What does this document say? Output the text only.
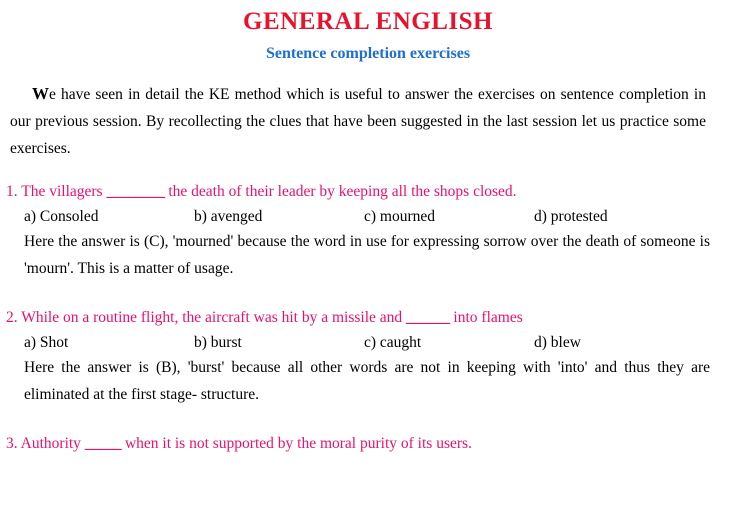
GENERAL ENGLISH
Sentence completion exercises

We have seen in detail the KE method which is useful to answer the exercises on sentence completion in our previous session. By recollecting the clues that have been suggested in the last session let us practice some exercises.

1. The villagers ________ the death of their leader by keeping all the shops closed.

a) Consoled	b) avenged	c) mourned	d) protested

Here the answer is (C), 'mourned' because the word in use for expressing sorrow over the death of someone is 'mourn'. This is a matter of usage.

2. While on a routine flight, the aircraft was hit by a missile and ______ into flames

a) Shot	b) burst	c) caught	d) blew

Here the answer is (B), 'burst' because all other words are not in keeping with 'into' and thus they are eliminated at the first stage- structure.

3. Authority _____ when it is not supported by the moral purity of its users.
